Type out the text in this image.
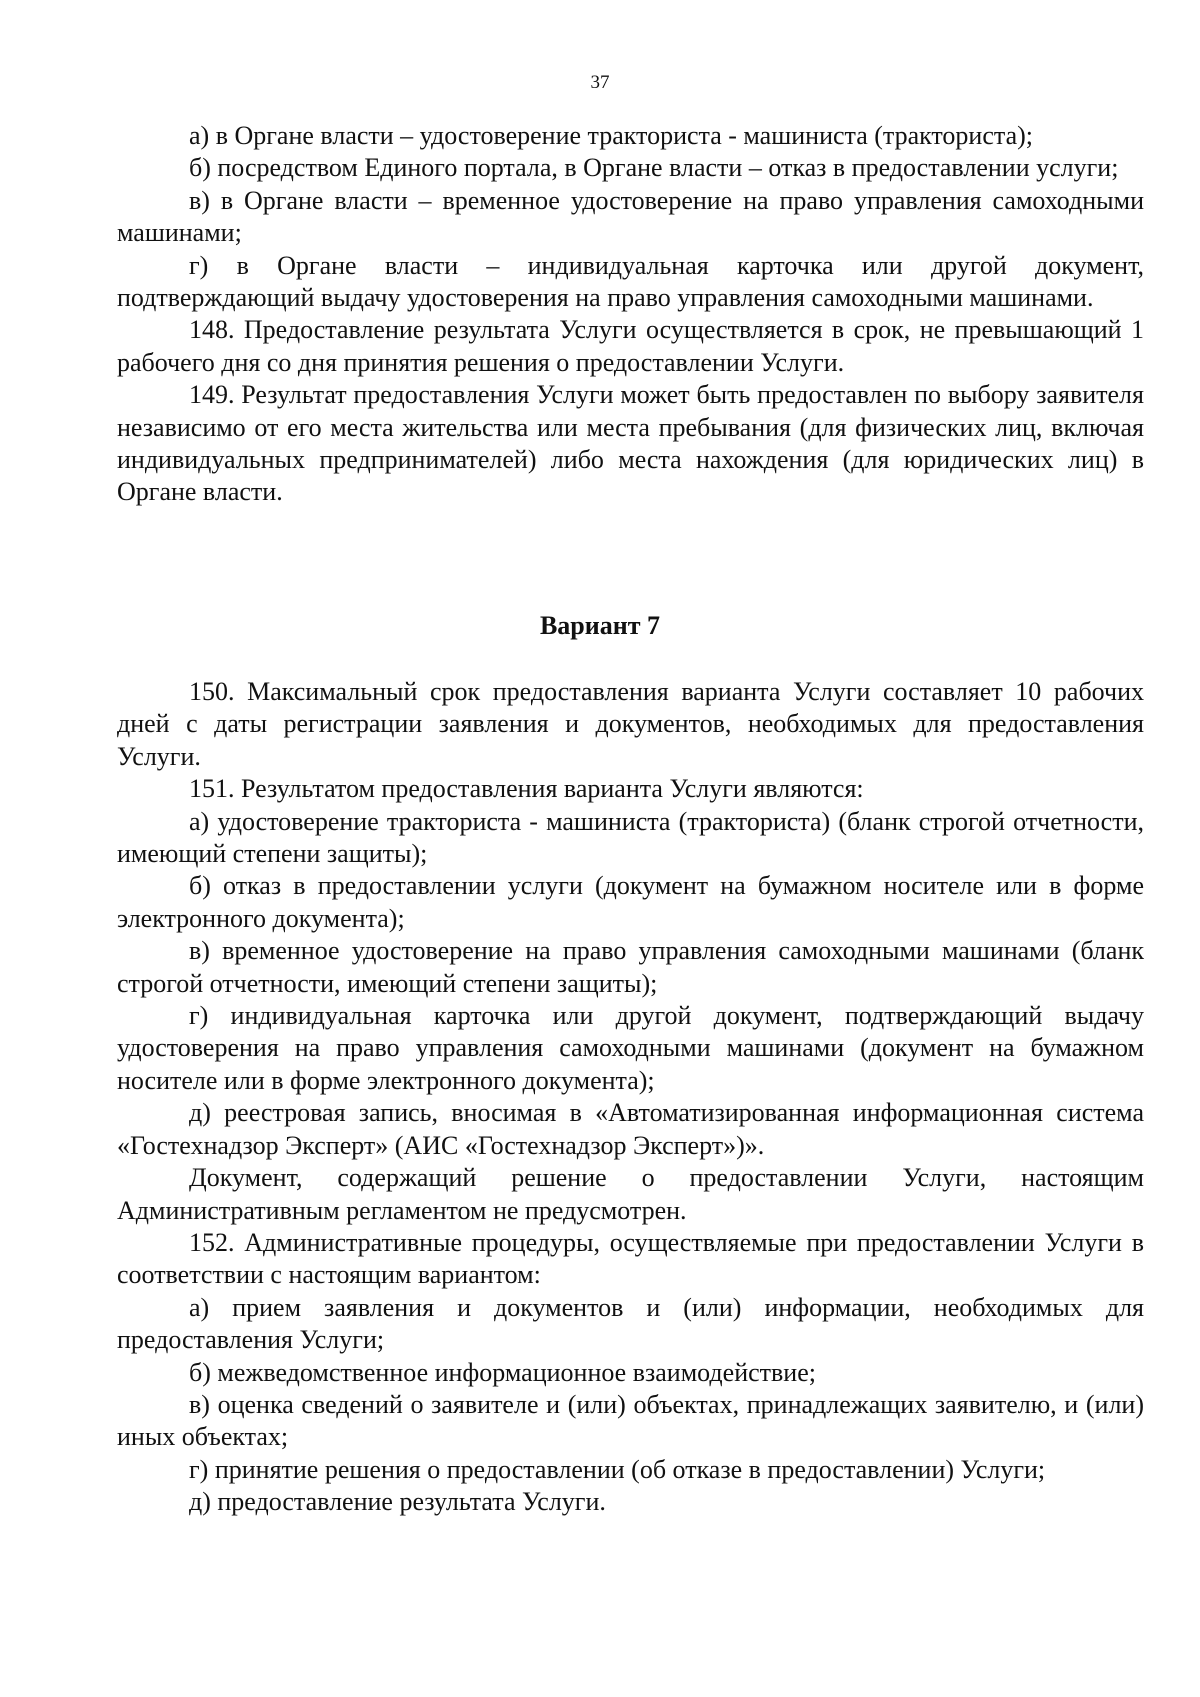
37

а) в Органе власти – удостоверение тракториста - машиниста (тракториста);

б) посредством Единого портала, в Органе власти – отказ в предоставлении услуги;

в) в Органе власти – временное удостоверение на право управления самоходными машинами;

г) в Органе власти – индивидуальная карточка или другой документ, подтверждающий выдачу удостоверения на право управления самоходными машинами.

148. Предоставление результата Услуги осуществляется в срок, не превышающий 1 рабочего дня со дня принятия решения о предоставлении Услуги.

149. Результат предоставления Услуги может быть предоставлен по выбору заявителя независимо от его места жительства или места пребывания (для физических лиц, включая индивидуальных предпринимателей) либо места нахождения (для юридических лиц) в Органе власти.

Вариант 7

150. Максимальный срок предоставления варианта Услуги составляет 10 рабочих дней с даты регистрации заявления и документов, необходимых для предоставления Услуги.

151. Результатом предоставления варианта Услуги являются:

а) удостоверение тракториста - машиниста (тракториста) (бланк строгой отчетности, имеющий степени защиты);

б) отказ в предоставлении услуги (документ на бумажном носителе или в форме электронного документа);

в) временное удостоверение на право управления самоходными машинами (бланк строгой отчетности, имеющий степени защиты);

г) индивидуальная карточка или другой документ, подтверждающий выдачу удостоверения на право управления самоходными машинами (документ на бумажном носителе или в форме электронного документа);

д) реестровая запись, вносимая в «Автоматизированная информационная система «Гостехнадзор Эксперт» (АИС «Гостехнадзор Эксперт»)».

Документ, содержащий решение о предоставлении Услуги, настоящим Административным регламентом не предусмотрен.

152. Административные процедуры, осуществляемые при предоставлении Услуги в соответствии с настоящим вариантом:

а) прием заявления и документов и (или) информации, необходимых для предоставления Услуги;

б) межведомственное информационное взаимодействие;

в) оценка сведений о заявителе и (или) объектах, принадлежащих заявителю, и (или) иных объектах;

г) принятие решения о предоставлении (об отказе в предоставлении) Услуги;

д) предоставление результата Услуги.
